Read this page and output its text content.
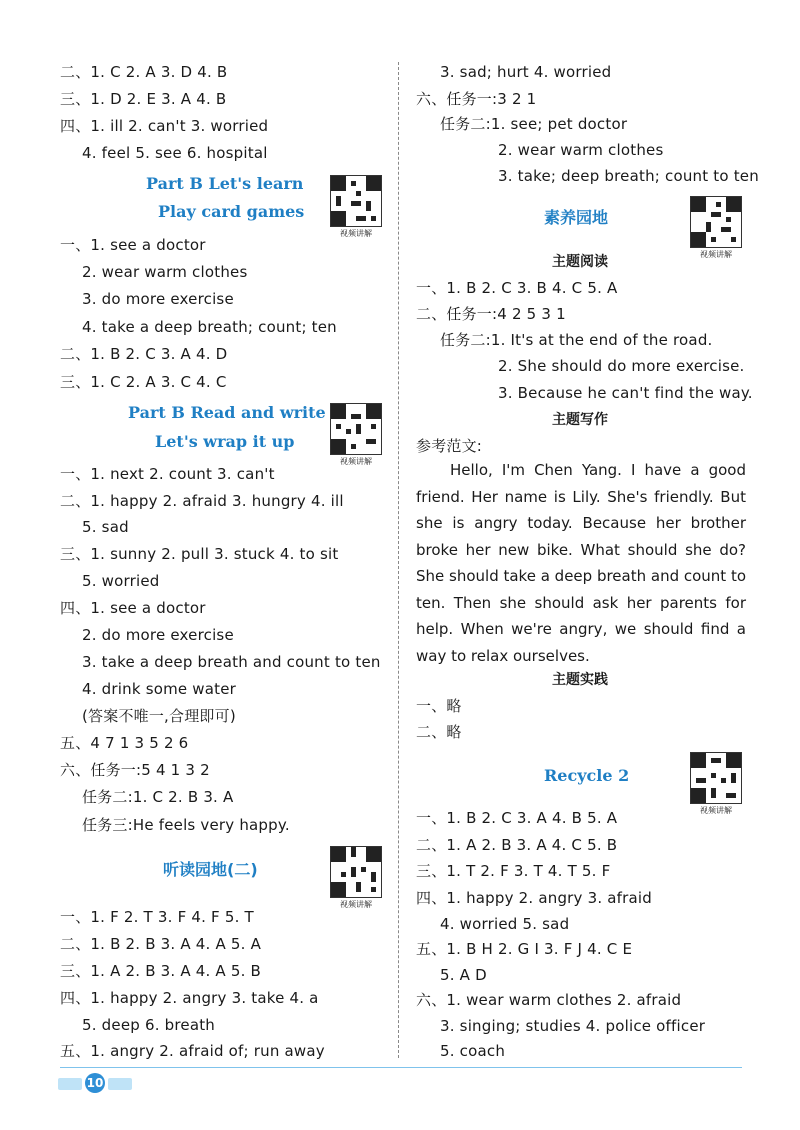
二、1. C 2. A 3. D 4. B
三、1. D 2. E 3. A 4. B
四、1. ill 2. can't 3. worried
4. feel 5. see 6. hospital
Part B Let's learn
Play card games
视频讲解
一、1. see a doctor
2. wear warm clothes
3. do more exercise
4. take a deep breath; count; ten
二、1. B 2. C 3. A 4. D
三、1. C 2. A 3. C 4. C
Part B Read and write
Let's wrap it up
视频讲解
一、1. next 2. count 3. can't
二、1. happy 2. afraid 3. hungry 4. ill
5. sad
三、1. sunny 2. pull 3. stuck 4. to sit
5. worried
四、1. see a doctor
2. do more exercise
3. take a deep breath and count to ten
4. drink some water
(答案不唯一,合理即可)
五、4 7 1 3 5 2 6
六、任务一:5 4 1 3 2
任务二:1. C 2. B 3. A
任务三:He feels very happy.
听读园地(二)
视频讲解
一、1. F 2. T 3. F 4. F 5. T
二、1. B 2. B 3. A 4. A 5. A
三、1. A 2. B 3. A 4. A 5. B
四、1. happy 2. angry 3. take 4. a
5. deep 6. breath
五、1. angry 2. afraid of; run away
3. sad; hurt 4. worried
六、任务一:3 2 1
任务二:1. see; pet doctor
2. wear warm clothes
3. take; deep breath; count to ten
素养园地
视频讲解
主题阅读
一、1. B 2. C 3. B 4. C 5. A
二、任务一:4 2 5 3 1
任务二:1. It's at the end of the road.
2. She should do more exercise.
3. Because he can't find the way.
主题写作
参考范文:
Hello, I'm Chen Yang. I have a good friend. Her name is Lily. She's friendly. But she is angry today. Because her brother broke her new bike. What should she do? She should take a deep breath and count to ten. Then she should ask her parents for help. When we're angry, we should find a way to relax ourselves.
主题实践
一、略
二、略
Recycle 2
视频讲解
一、1. B 2. C 3. A 4. B 5. A
二、1. A 2. B 3. A 4. C 5. B
三、1. T 2. F 3. T 4. T 5. F
四、1. happy 2. angry 3. afraid
4. worried 5. sad
五、1. B H 2. G I 3. F J 4. C E
5. A D
六、1. wear warm clothes 2. afraid
3. singing; studies 4. police officer
5. coach
10
